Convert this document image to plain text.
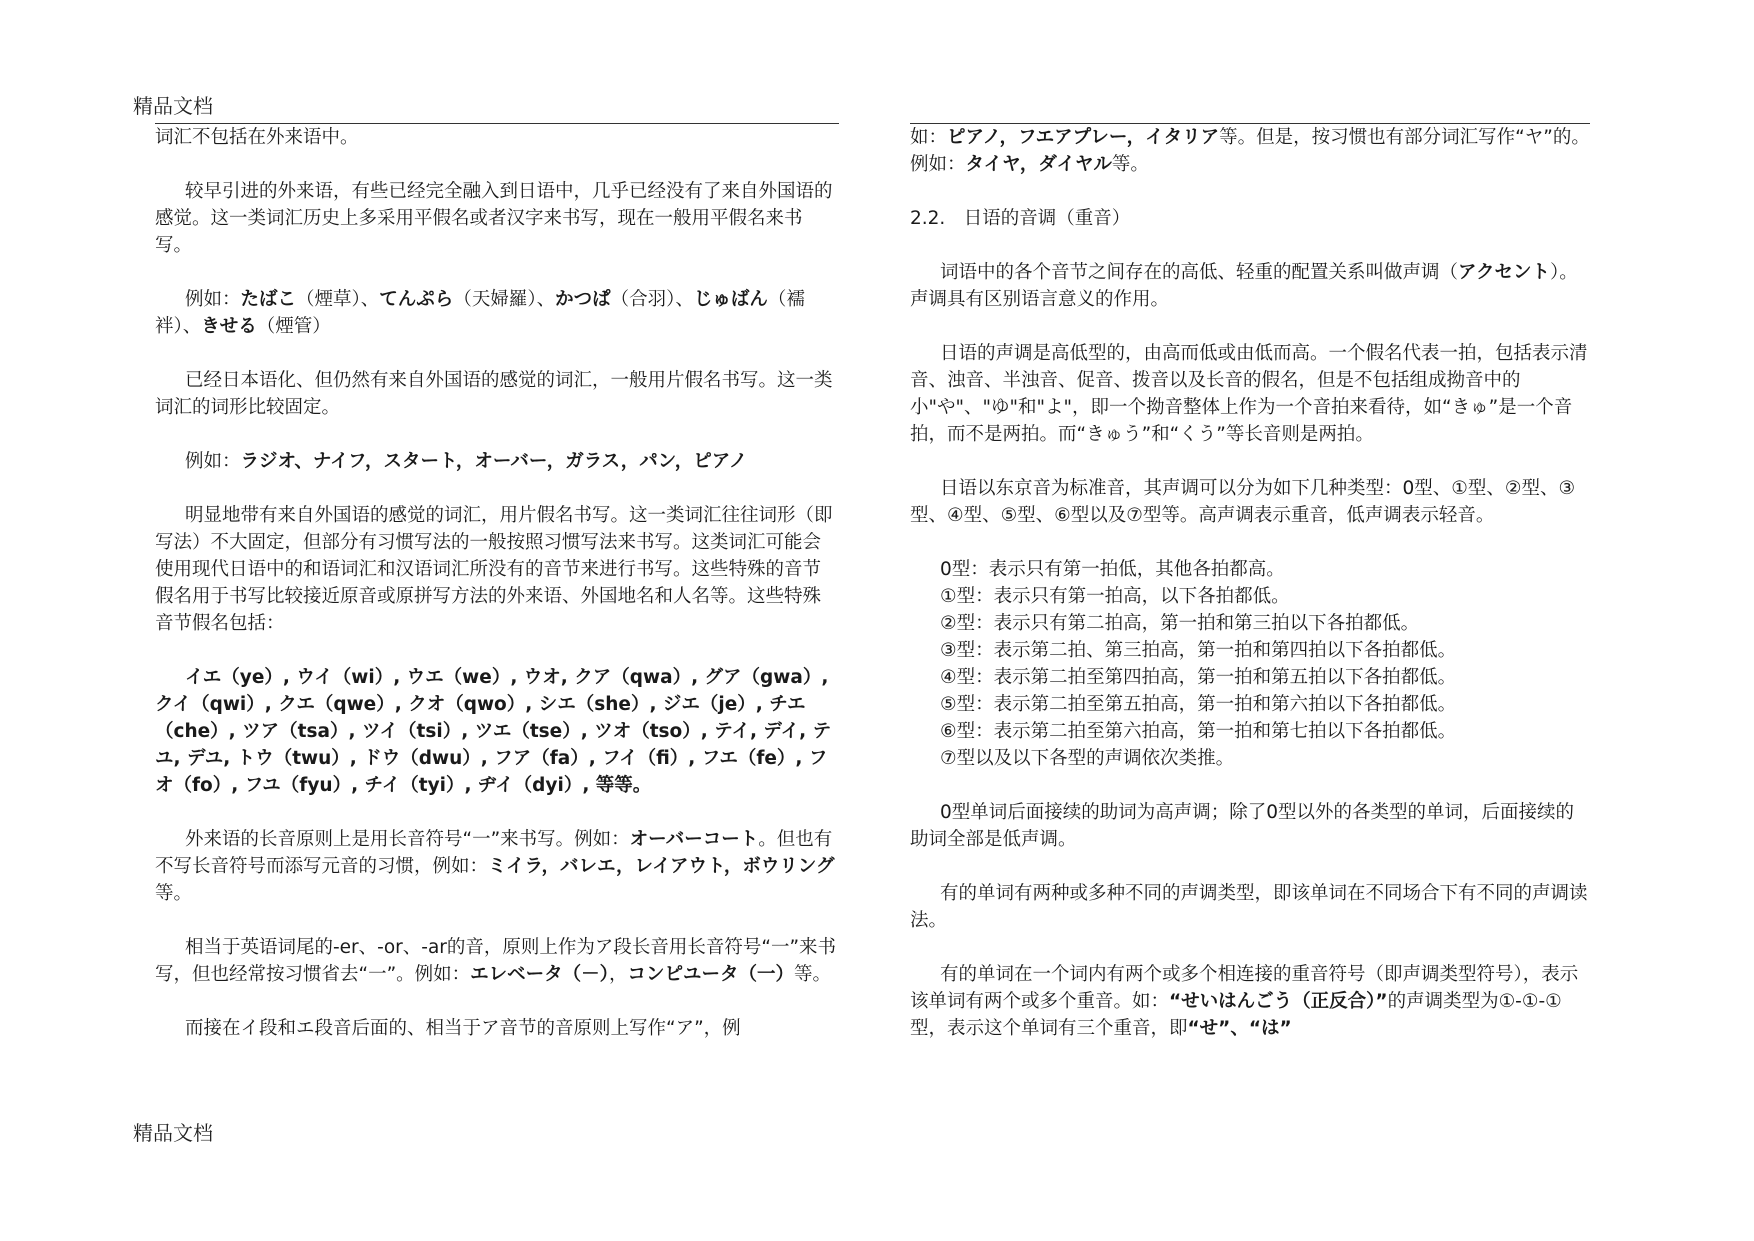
精品文档

词汇不包括在外来语中。

较早引进的外来语，有些已经完全融入到日语中，几乎已经没有了来自外国语的感觉。这一类词汇历史上多采用平假名或者汉字来书写，现在一般用平假名来书写。

例如：たばこ（煙草）、てんぷら（天婦羅）、かつぱ（合羽）、じゅばん（襦袢）、きせる（煙管）

已经日本语化、但仍然有来自外国语的感觉的词汇，一般用片假名书写。这一类词汇的词形比较固定。

例如：ラジオ、ナイフ，スタート，オーバー，ガラス，パン，ピアノ

明显地带有来自外国语的感觉的词汇，用片假名书写。这一类词汇往往词形（即写法）不大固定，但部分有习惯写法的一般按照习惯写法来书写。这类词汇可能会使用现代日语中的和语词汇和汉语词汇所没有的音节来进行书写。这些特殊的音节假名用于书写比较接近原音或原拼写方法的外来语、外国地名和人名等。这些特殊音节假名包括：

イエ（ye）, ウイ（wi）, ウエ（we）, ウオ, クア（qwa）, グア（gwa）, クイ（qwi）, クエ（qwe）, クオ（qwo）, シエ（she）, ジエ（je）, チエ（che）, ツア（tsa）, ツイ（tsi）, ツエ（tse）, ツオ（tso）, テイ, デイ, テユ, デユ, トウ（twu）, ドウ（dwu）, フア（fa）, フイ（fi）, フエ（fe）, フオ（fo）, フユ（fyu）, チイ（tyi）, ヂイ（dyi）, 等等。

外来语的长音原则上是用长音符号“一”来书写。例如：オーバーコート。但也有不写长音符号而添写元音的习惯，例如：ミイラ，バレエ，レイアウト，ボウリング等。

相当于英语词尾的-er、-or、-ar的音，原则上作为ア段长音用长音符号“一”来书写，但也经常按习惯省去“一”。例如：エレベータ（－），コンピユータ（一）等。

而接在イ段和エ段音后面的、相当于ア音节的音原则上写作“ア”，例

如：ピアノ，フエアプレー，イタリア等。但是，按习惯也有部分词汇写作“ヤ”的。例如：タイヤ，ダイヤル等。

2.2.　日语的音调（重音）

词语中的各个音节之间存在的高低、轻重的配置关系叫做声调（アクセント）。声调具有区别语言意义的作用。

日语的声调是高低型的，由高而低或由低而高。一个假名代表一拍，包括表示清音、浊音、半浊音、促音、拨音以及长音的假名，但是不包括组成拗音中的小"や"、"ゆ"和"よ"，即一个拗音整体上作为一个音拍来看待，如“きゅ”是一个音拍，而不是两拍。而“きゅう”和“くう”等长音则是两拍。

日语以东京音为标准音，其声调可以分为如下几种类型：0型、①型、②型、③型、④型、⑤型、⑥型以及⑦型等。高声调表示重音，低声调表示轻音。

0型：表示只有第一拍低，其他各拍都高。
①型：表示只有第一拍高，以下各拍都低。
②型：表示只有第二拍高，第一拍和第三拍以下各拍都低。
③型：表示第二拍、第三拍高，第一拍和第四拍以下各拍都低。
④型：表示第二拍至第四拍高，第一拍和第五拍以下各拍都低。
⑤型：表示第二拍至第五拍高，第一拍和第六拍以下各拍都低。
⑥型：表示第二拍至第六拍高，第一拍和第七拍以下各拍都低。
⑦型以及以下各型的声调依次类推。

0型单词后面接续的助词为高声调；除了0型以外的各类型的单词，后面接续的助词全部是低声调。

有的单词有两种或多种不同的声调类型，即该单词在不同场合下有不同的声调读法。

有的单词在一个词内有两个或多个相连接的重音符号（即声调类型符号），表示该单词有两个或多个重音。如：“せいはんごう（正反合）”的声调类型为①-①-①型，表示这个单词有三个重音，即“せ”、“は”

精品文档
